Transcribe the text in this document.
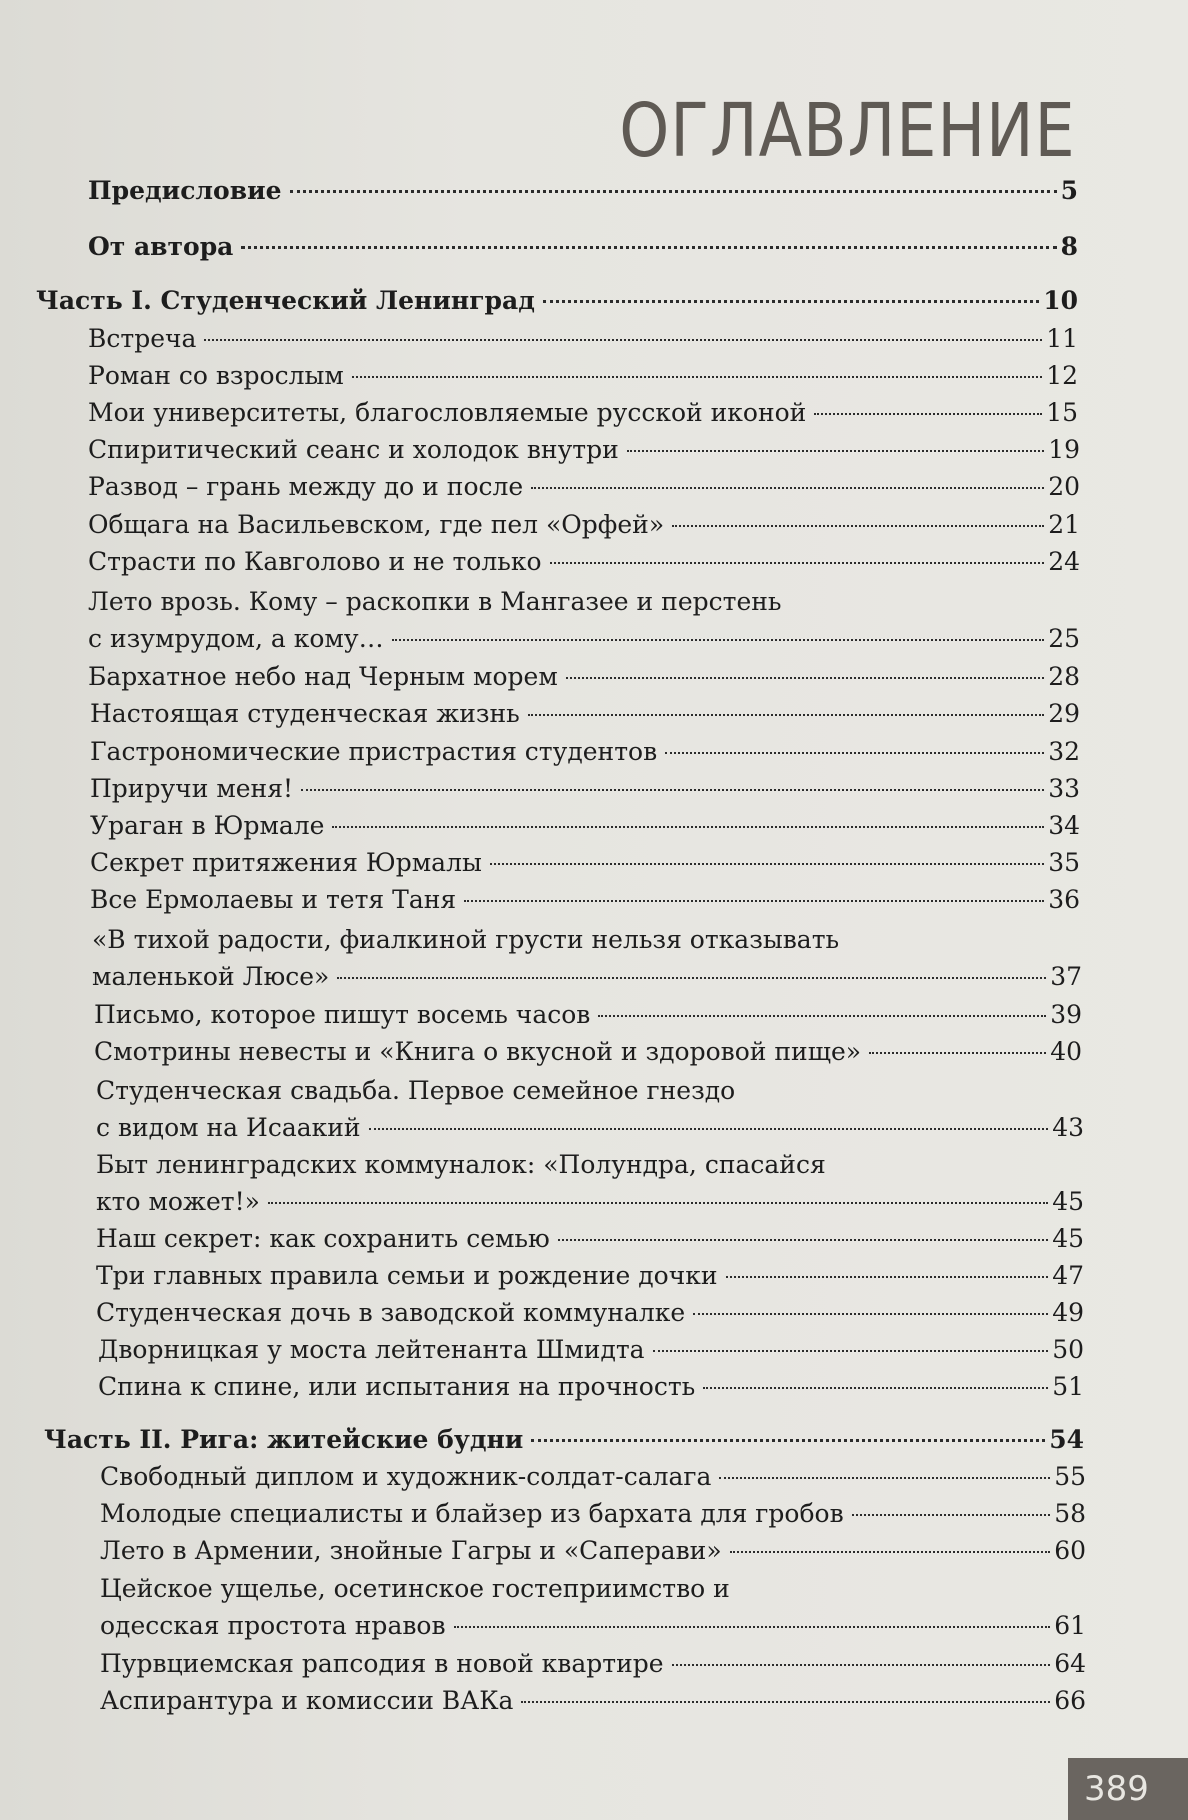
ОГЛАВЛЕНИЕ
Предисловие	5
От автора	8
Часть I. Студенческий Ленинград	10
Встреча	11
Роман со взрослым	12
Мои университеты, благословляемые русской иконой	15
Спиритический сеанс и холодок внутри	19
Развод – грань между до и после	20
Общага на Васильевском, где пел «Орфей»	21
Страсти по Кавголово и не только	24
Лето врозь. Кому – раскопки в Мангазее и перстень
с изумрудом, а кому…	25
Бархатное небо над Черным морем	28
Настоящая студенческая жизнь	29
Гастрономические пристрастия студентов	32
Приручи меня!	33
Ураган в Юрмале	34
Секрет притяжения Юрмалы	35
Все Ермолаевы и тетя Таня	36
«В тихой радости, фиалкиной грусти нельзя отказывать
маленькой Люсе»	37
Письмо, которое пишут восемь часов	39
Смотрины невесты и «Книга о вкусной и здоровой пище»	40
Студенческая свадьба. Первое семейное гнездо
с видом на Исаакий	43
Быт ленинградских коммуналок: «Полундра, спасайся
кто может!»	45
Наш секрет: как сохранить семью	45
Три главных правила семьи и рождение дочки	47
Студенческая дочь в заводской коммуналке	49
Дворницкая у моста лейтенанта Шмидта	50
Спина к спине, или испытания на прочность	51
Часть II. Рига: житейские будни	54
Свободный диплом и художник-солдат-салага	55
Молодые специалисты и блайзер из бархата для гробов	58
Лето в Армении, знойные Гагры и «Саперави»	60
Цейское ущелье, осетинское гостеприимство и
одесская простота нравов	61
Пурвциемская рапсодия в новой квартире	64
Аспирантура и комиссии ВАКа	66
389
